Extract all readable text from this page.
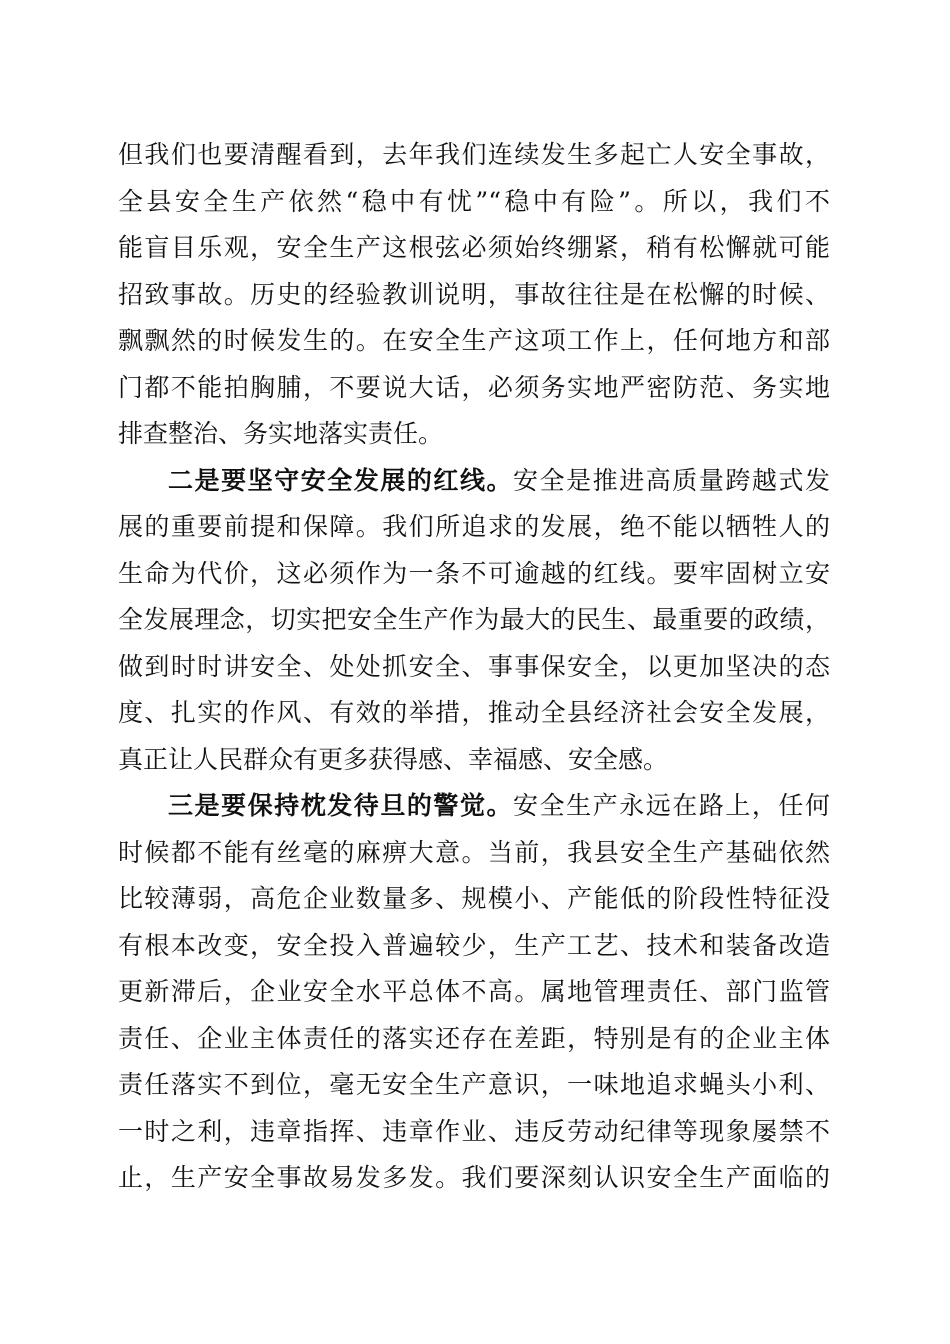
但我们也要清醒看到，去年我们连续发生多起亡人安全事故，
全县安全生产依然“稳中有忧”“稳中有险”。所以，我们不
能盲目乐观，安全生产这根弦必须始终绷紧，稍有松懈就可能
招致事故。历史的经验教训说明，事故往往是在松懈的时候、
飘飘然的时候发生的。在安全生产这项工作上，任何地方和部
门都不能拍胸脯，不要说大话，必须务实地严密防范、务实地
排查整治、务实地落实责任。
二是要坚守安全发展的红线。安全是推进高质量跨越式发
展的重要前提和保障。我们所追求的发展，绝不能以牺牲人的
生命为代价，这必须作为一条不可逾越的红线。要牢固树立安
全发展理念，切实把安全生产作为最大的民生、最重要的政绩，
做到时时讲安全、处处抓安全、事事保安全，以更加坚决的态
度、扎实的作风、有效的举措，推动全县经济社会安全发展，
真正让人民群众有更多获得感、幸福感、安全感。
三是要保持枕发待旦的警觉。安全生产永远在路上，任何
时候都不能有丝毫的麻痹大意。当前，我县安全生产基础依然
比较薄弱，高危企业数量多、规模小、产能低的阶段性特征没
有根本改变，安全投入普遍较少，生产工艺、技术和装备改造
更新滞后，企业安全水平总体不高。属地管理责任、部门监管
责任、企业主体责任的落实还存在差距，特别是有的企业主体
责任落实不到位，毫无安全生产意识，一味地追求蝇头小利、
一时之利，违章指挥、违章作业、违反劳动纪律等现象屡禁不
止，生产安全事故易发多发。我们要深刻认识安全生产面临的
